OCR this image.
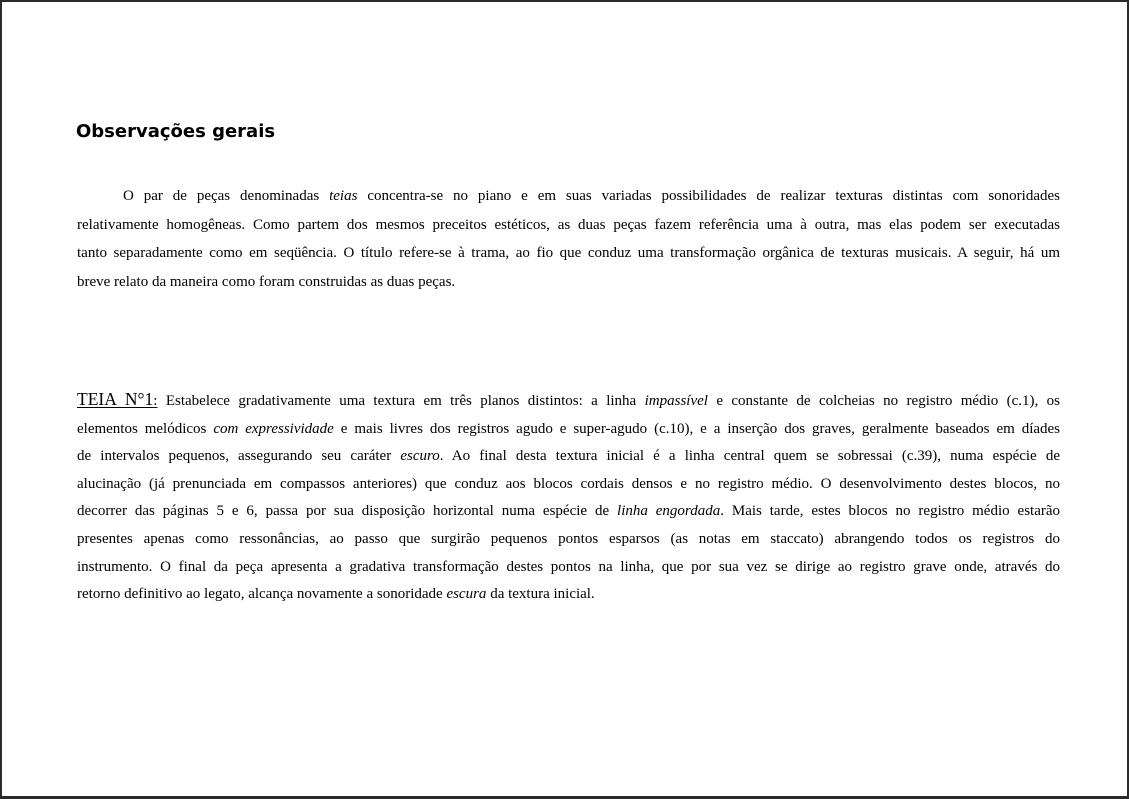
Observações gerais

O par de peças denominadas teias concentra-se no piano e em suas variadas possibilidades de realizar texturas distintas com sonoridades
relativamente homogêneas. Como partem dos mesmos preceitos estéticos, as duas peças fazem referência uma à outra, mas elas podem ser executadas
tanto separadamente como em seqüência. O título refere-se à trama, ao fio que conduz uma transformação orgânica de texturas musicais. A seguir, há um
breve relato da maneira como foram construidas as duas peças.

TEIA N°1: Estabelece gradativamente uma textura em três planos distintos: a linha impassível e constante de colcheias no registro médio (c.1), os
elementos melódicos com expressividade e mais livres dos registros agudo e super-agudo (c.10), e a inserção dos graves, geralmente baseados em díades
de intervalos pequenos, assegurando seu caráter escuro. Ao final desta textura inicial é a linha central quem se sobressai (c.39), numa espécie de
alucinação (já prenunciada em compassos anteriores) que conduz aos blocos cordais densos e no registro médio. O desenvolvimento destes blocos, no
decorrer das páginas 5 e 6, passa por sua disposição horizontal numa espécie de linha engordada. Mais tarde, estes blocos no registro médio estarão
presentes apenas como ressonâncias, ao passo que surgirão pequenos pontos esparsos (as notas em staccato) abrangendo todos os registros do
instrumento. O final da peça apresenta a gradativa transformação destes pontos na linha, que por sua vez se dirige ao registro grave onde, através do
retorno definitivo ao legato, alcança novamente a sonoridade escura da textura inicial.
